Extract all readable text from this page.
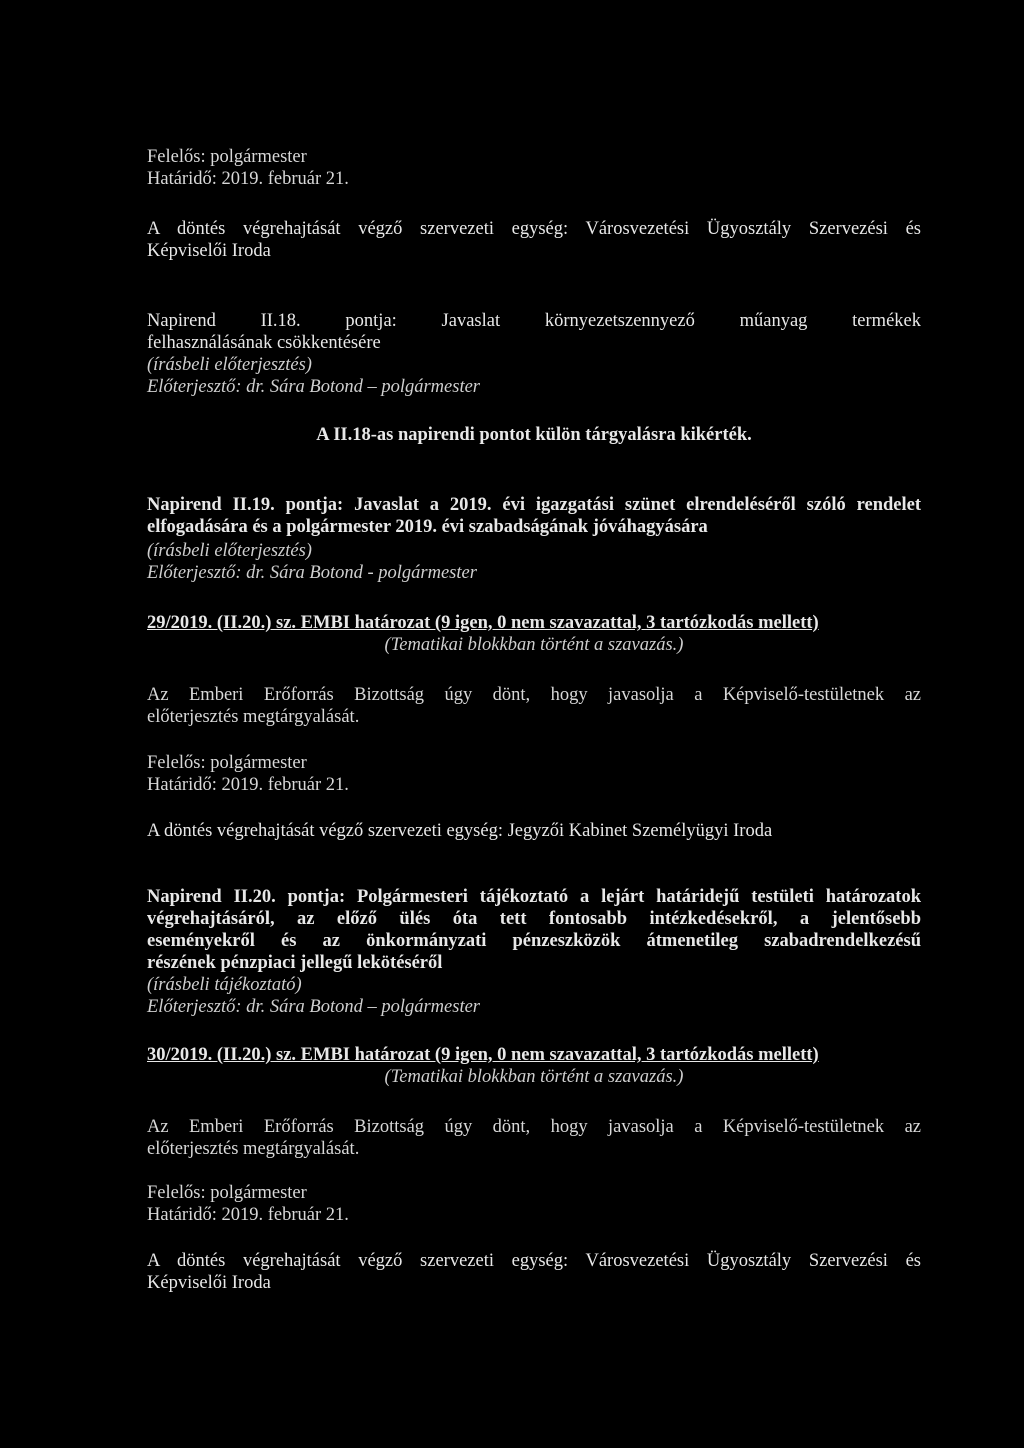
Felelős: polgármester
Határidő: 2019. február 21.
A döntés végrehajtását végző szervezeti egység: Városvezetési Ügyosztály Szervezési és
Képviselői Iroda
Napirend II.18. pontja: Javaslat környezetszennyező műanyag termékek
felhasználásának csökkentésére
(írásbeli előterjesztés)
Előterjesztő: dr. Sára Botond – polgármester
A II.18-as napirendi pontot külön tárgyalásra kikérték.
Napirend II.19. pontja: Javaslat a 2019. évi igazgatási szünet elrendeléséről szóló rendelet
elfogadására és a polgármester 2019. évi szabadságának jóváhagyására
(írásbeli előterjesztés)
Előterjesztő: dr. Sára Botond - polgármester
29/2019. (II.20.) sz. EMBI határozat (9 igen, 0 nem szavazattal, 3 tartózkodás mellett)
(Tematikai blokkban történt a szavazás.)
Az Emberi Erőforrás Bizottság úgy dönt, hogy javasolja a Képviselő-testületnek az
előterjesztés megtárgyalását.
Felelős: polgármester
Határidő: 2019. február 21.
A döntés végrehajtását végző szervezeti egység: Jegyzői Kabinet Személyügyi Iroda
Napirend II.20. pontja: Polgármesteri tájékoztató a lejárt határidejű testületi határozatok
végrehajtásáról, az előző ülés óta tett fontosabb intézkedésekről, a jelentősebb
eseményekről és az önkormányzati pénzeszközök átmenetileg szabadrendelkezésű
részének pénzpiaci jellegű lekötéséről
(írásbeli tájékoztató)
Előterjesztő: dr. Sára Botond – polgármester
30/2019. (II.20.) sz. EMBI határozat (9 igen, 0 nem szavazattal, 3 tartózkodás mellett)
(Tematikai blokkban történt a szavazás.)
Az Emberi Erőforrás Bizottság úgy dönt, hogy javasolja a Képviselő-testületnek az
előterjesztés megtárgyalását.
Felelős: polgármester
Határidő: 2019. február 21.
A döntés végrehajtását végző szervezeti egység: Városvezetési Ügyosztály Szervezési és
Képviselői Iroda
